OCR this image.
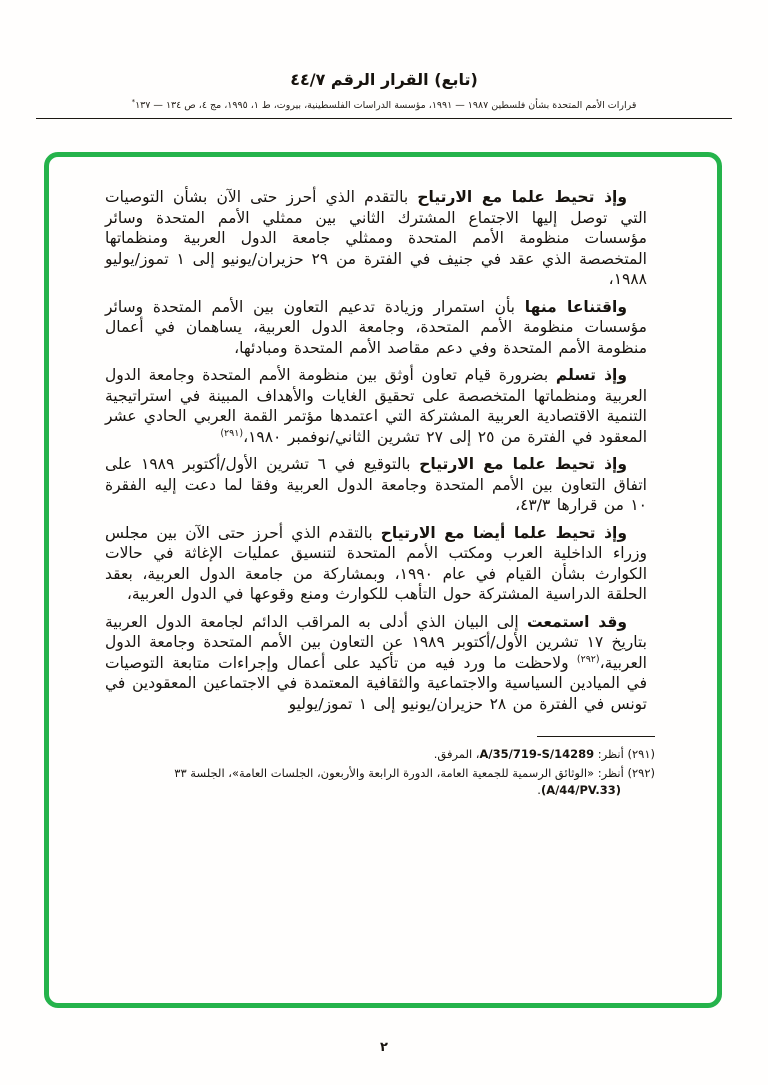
(تابع) القرار الرقم ٤٤/٧

قرارات الأمم المتحدة بشأن فلسطين ١٩٨٧ — ١٩٩١، مؤسسة الدراسات الفلسطينية، بيروت، ط ١، ١٩٩٥، مج ٤، ص ١٣٤ — ١٣٧*

وإذ تحيط علما مع الارتياح بالتقدم الذي أحرز حتى الآن بشأن التوصيات التي توصل إليها الاجتماع المشترك الثاني بين ممثلي الأمم المتحدة وسائر مؤسسات منظومة الأمم المتحدة وممثلي جامعة الدول العربية ومنظماتها المتخصصة الذي عقد في جنيف في الفترة من ٢٩ حزيران/يونيو إلى ١ تموز/يوليو ١٩٨٨،

واقتناعا منها بأن استمرار وزيادة تدعيم التعاون بين الأمم المتحدة وسائر مؤسسات منظومة الأمم المتحدة، وجامعة الدول العربية، يساهمان في أعمال منظومة الأمم المتحدة وفي دعم مقاصد الأمم المتحدة ومبادئها،

وإذ تسلم بضرورة قيام تعاون أوثق بين منظومة الأمم المتحدة وجامعة الدول العربية ومنظماتها المتخصصة على تحقيق الغايات والأهداف المبينة في استراتيجية التنمية الاقتصادية العربية المشتركة التي اعتمدها مؤتمر القمة العربي الحادي عشر المعقود في الفترة من ٢٥ إلى ٢٧ تشرين الثاني/نوفمبر ١٩٨٠،$^{(٢٩١)}$

وإذ تحيط علما مع الارتياح بالتوقيع في ٦ تشرين الأول/أكتوبر ١٩٨٩ على اتفاق التعاون بين الأمم المتحدة وجامعة الدول العربية وفقا لما دعت إليه الفقرة ١٠ من قرارها ٤٣/٣،

وإذ تحيط علما أيضا مع الارتياح بالتقدم الذي أحرز حتى الآن بين مجلس وزراء الداخلية العرب ومكتب الأمم المتحدة لتنسيق عمليات الإغاثة في حالات الكوارث بشأن القيام في عام ١٩٩٠، وبمشاركة من جامعة الدول العربية، بعقد الحلقة الدراسية المشتركة حول التأهب للكوارث ومنع وقوعها في الدول العربية،

وقد استمعت إلى البيان الذي أدلى به المراقب الدائم لجامعة الدول العربية بتاريخ ١٧ تشرين الأول/أكتوبر ١٩٨٩ عن التعاون بين الأمم المتحدة وجامعة الدول العربية،$^{(٢٩٢)}$ ولاحظت ما ورد فيه من تأكيد على أعمال وإجراءات متابعة التوصيات في الميادين السياسية والاجتماعية والثقافية المعتمدة في الاجتماعين المعقودين في تونس في الفترة من ٢٨ حزيران/يونيو إلى ١ تموز/يوليو

(٢٩١) أنظر: A/35/719-S/14289، المرفق.

(٢٩٢) أنظر: «الوثائق الرسمية للجمعية العامة، الدورة الرابعة والأربعون، الجلسات العامة»، الجلسة ٣٣ (A/44/PV.33).

٢
